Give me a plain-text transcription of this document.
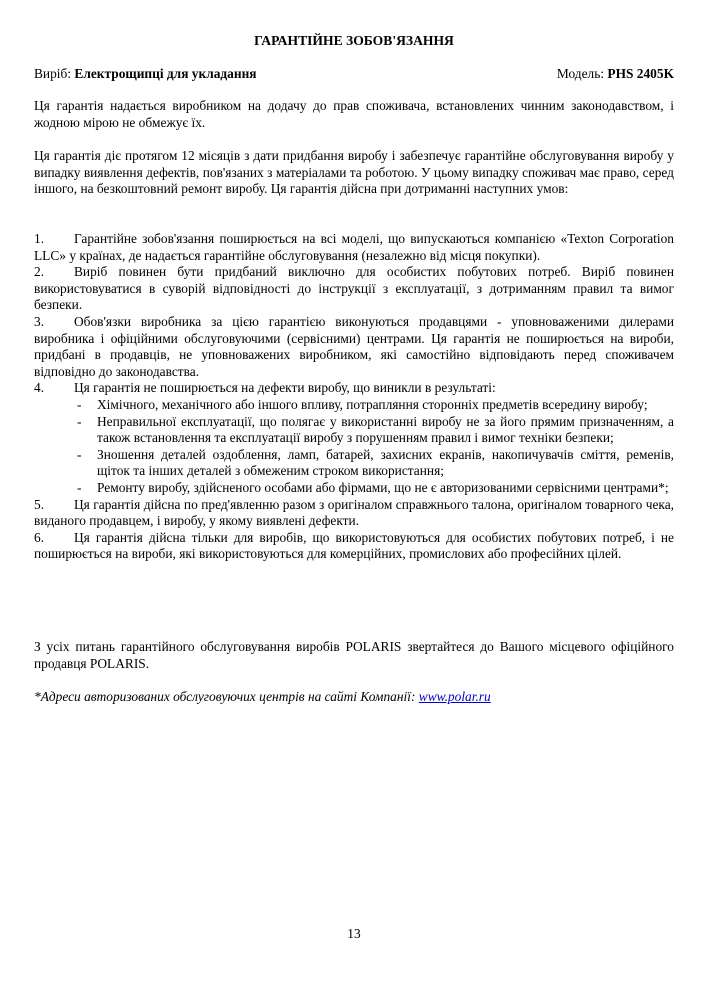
ГАРАНТІЙНЕ ЗОБОВ'ЯЗАННЯ
Виріб: Електрощипці для укладання	Модель: PHS 2405K

Ця гарантія надається виробником на додачу до прав споживача, встановлених чинним законодавством, і жодною мірою не обмежує їх.

Ця гарантія діє протягом 12 місяців з дати придбання виробу і забезпечує гарантійне обслуговування виробу у випадку виявлення дефектів, пов'язаних з матеріалами та роботою. У цьому випадку споживач має право, серед іншого, на безкоштовний ремонт виробу. Ця гарантія дійсна при дотриманні наступних умов:

1.	Гарантійне зобов'язання поширюється на всі моделі, що випускаються компанією «Texton Corporation LLC» у країнах, де надається гарантійне обслуговування (незалежно від місця покупки).

2.	Виріб повинен бути придбаний виключно для особистих побутових потреб. Виріб повинен використовуватися в суворій відповідності до інструкції з експлуатації, з дотриманням правил та вимог безпеки.

3.	Обов'язки виробника за цією гарантією виконуються продавцями - уповноваженими дилерами виробника і офіційними обслуговуючими (сервісними) центрами. Ця гарантія не поширюється на вироби, придбані в продавців, не уповноважених виробником, які самостійно відповідають перед споживачем відповідно до законодавства.

4.	Ця гарантія не поширюється на дефекти виробу, що виникли в результаті:

- Хімічного, механічного або іншого впливу, потрапляння сторонніх предметів всередину виробу;
- Неправильної експлуатації, що полягає у використанні виробу не за його прямим призначенням, а також встановлення та експлуатації виробу з порушенням правил і вимог техніки безпеки;
- Зношення деталей оздоблення, ламп, батарей, захисних екранів, накопичувачів сміття, ременів, щіток та інших деталей з обмеженим строком використання;
- Ремонту виробу, здійсненого особами або фірмами, що не є авторизованими сервісними центрами*;
5.	Ця гарантія дійсна по пред'явленню разом з оригіналом справжнього талона, оригіналом товарного чека, виданого продавцем, і виробу, у якому виявлені дефекти.

6.	Ця гарантія дійсна тільки для виробів, що використовуються для особистих побутових потреб, і не поширюється на вироби, які використовуються для комерційних, промислових або професійних цілей.

З усіх питань гарантійного обслуговування виробів POLARIS звертайтеся до Вашого місцевого офіційного продавця POLARIS.

*Адреси авторизованих обслуговуючих центрів на сайті Компанії: www.polar.ru
13
